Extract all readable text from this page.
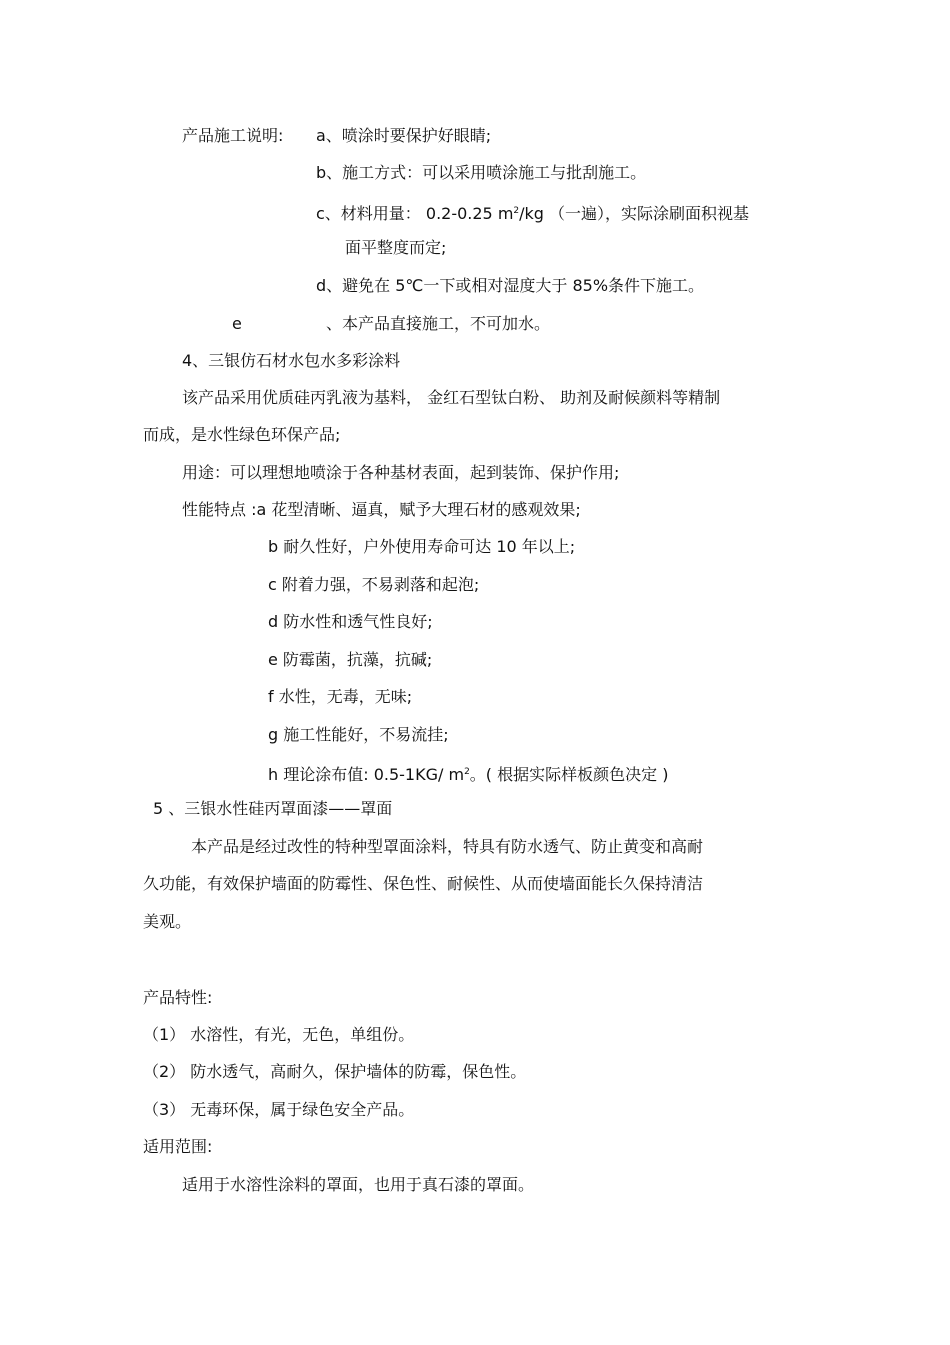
产品施工说明: a、喷涂时要保护好眼睛;
b、施工方式：可以采用喷涂施工与批刮施工。
c、材料用量： 0.2-0.25 $m^2/kg$ （一遍），实际涂刷面积视基
面平整度而定;
d、避免在 5℃一下或相对湿度大于 85%条件下施工。
e	、本产品直接施工，不可加水。
4、三银仿石材水包水多彩涂料
该产品采用优质硅丙乳液为基料， 金红石型钛白粉、 助剂及耐候颜料等精制
而成，是水性绿色环保产品;
用途：可以理想地喷涂于各种基材表面，起到装饰、保护作用;
性能特点 :a 花型清晰、逼真，赋予大理石材的感观效果;
b 耐久性好，户外使用寿命可达 10 年以上;
c 附着力强，不易剥落和起泡;
d 防水性和透气性良好;
e 防霉菌，抗藻，抗碱;
f 水性，无毒，无味;
g 施工性能好，不易流挂;
h 理论涂布值: 0.5-1KG/ $m^2$。( 根据实际样板颜色决定 )
5 、三银水性硅丙罩面漆——罩面
本产品是经过改性的特种型罩面涂料，特具有防水透气、防止黄变和高耐
久功能，有效保护墙面的防霉性、保色性、耐候性、从而使墙面能长久保持清洁
美观。
产品特性:
（1） 水溶性，有光，无色，单组份。
（2） 防水透气，高耐久，保护墙体的防霉，保色性。
（3） 无毒环保，属于绿色安全产品。
适用范围:
适用于水溶性涂料的罩面，也用于真石漆的罩面。
